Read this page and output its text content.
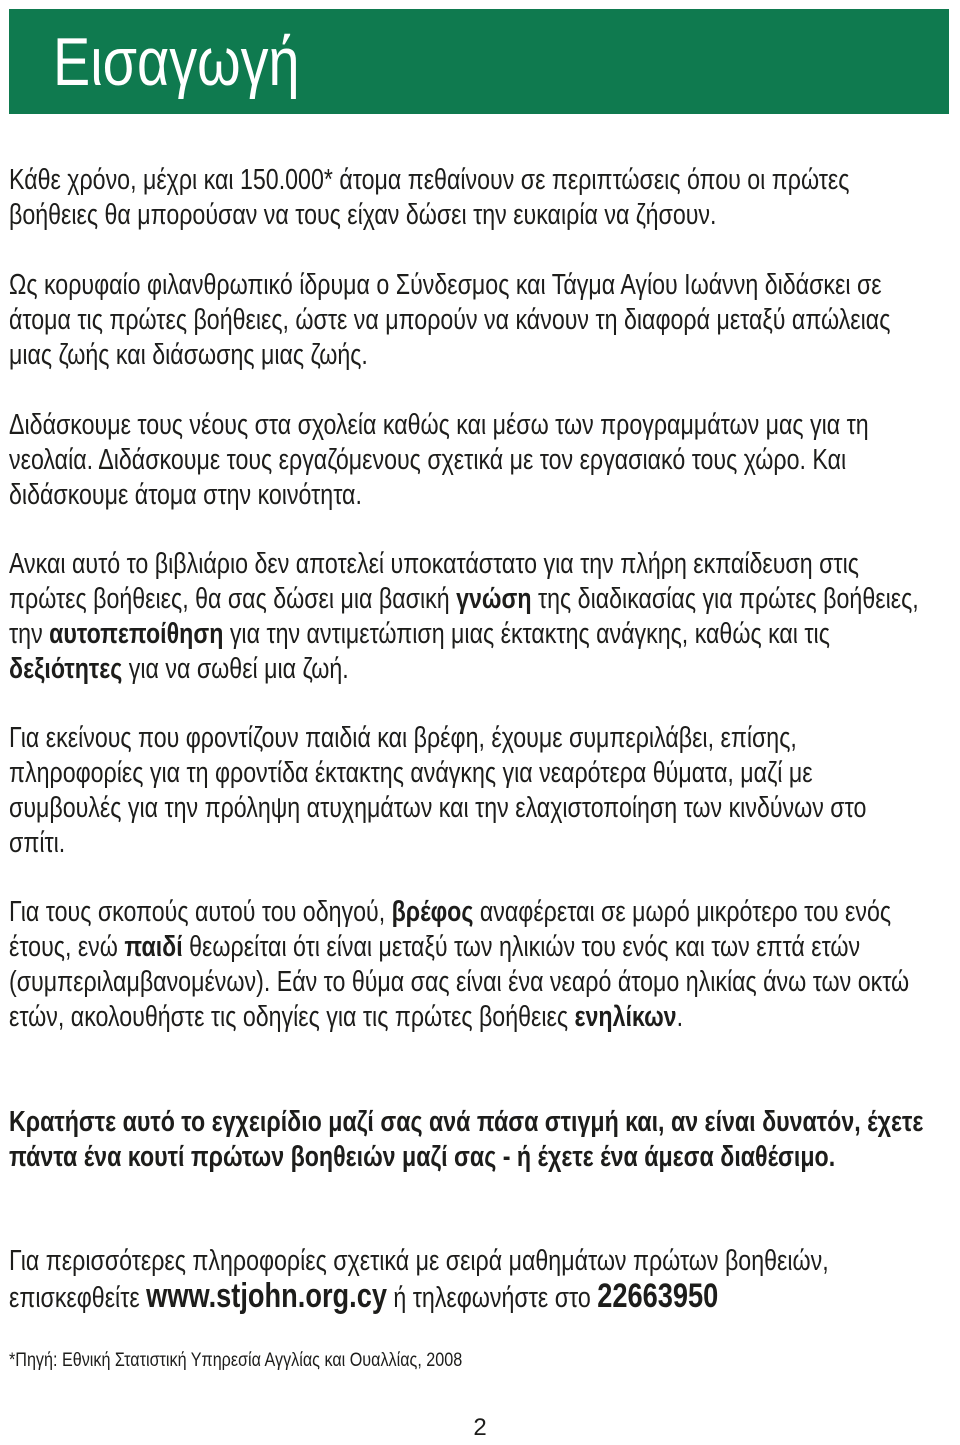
Εισαγωγή

Κάθε χρόνο, μέχρι και 150.000* άτομα πεθαίνουν σε περιπτώσεις όπου οι πρώτες βοήθειες θα μπορούσαν να τους είχαν δώσει την ευκαιρία να ζήσουν.

Ως κορυφαίο φιλανθρωπικό ίδρυμα ο Σύνδεσμος και Τάγμα Αγίου Ιωάννη διδάσκει σε άτομα τις πρώτες βοήθειες, ώστε να μπορούν να κάνουν τη διαφορά μεταξύ απώλειας μιας ζωής και διάσωσης μιας ζωής.

Διδάσκουμε τους νέους στα σχολεία καθώς και μέσω των προγραμμάτων μας για τη νεολαία. Διδάσκουμε τους εργαζόμενους σχετικά με τον εργασιακό τους χώρο. Και διδάσκουμε άτομα στην κοινότητα.

Ανκαι αυτό το βιβλιάριο δεν αποτελεί υποκατάστατο για την πλήρη εκπαίδευση στις πρώτες βοήθειες, θα σας δώσει μια βασική γνώση της διαδικασίας για πρώτες βοήθειες, την αυτοπεποίθηση για την αντιμετώπιση μιας έκτακτης ανάγκης, καθώς και τις δεξιότητες για να σωθεί μια ζωή.

Για εκείνους που φροντίζουν παιδιά και βρέφη, έχουμε συμπεριλάβει, επίσης, πληροφορίες για τη φροντίδα έκτακτης ανάγκης για νεαρότερα θύματα, μαζί με συμβουλές για την πρόληψη ατυχημάτων και την ελαχιστοποίηση των κινδύνων στο σπίτι.

Για τους σκοπούς αυτού του οδηγού, βρέφος αναφέρεται σε μωρό μικρότερο του ενός έτους, ενώ παιδί θεωρείται ότι είναι μεταξύ των ηλικιών του ενός και των επτά ετών (συμπεριλαμβανομένων). Εάν το θύμα σας είναι ένα νεαρό άτομο ηλικίας άνω των οκτώ ετών, ακολουθήστε τις οδηγίες για τις πρώτες βοήθειες ενηλίκων.

Κρατήστε αυτό το εγχειρίδιο μαζί σας ανά πάσα στιγμή και, αν είναι δυνατόν, έχετε πάντα ένα κουτί πρώτων βοηθειών μαζί σας - ή έχετε ένα άμεσα διαθέσιμο.

Για περισσότερες πληροφορίες σχετικά με σειρά μαθημάτων πρώτων βοηθειών, επισκεφθείτε www.stjohn.org.cy ή τηλεφωνήστε στο 22663950

*Πηγή: Εθνική Στατιστική Υπηρεσία Αγγλίας και Ουαλλίας, 2008

2
